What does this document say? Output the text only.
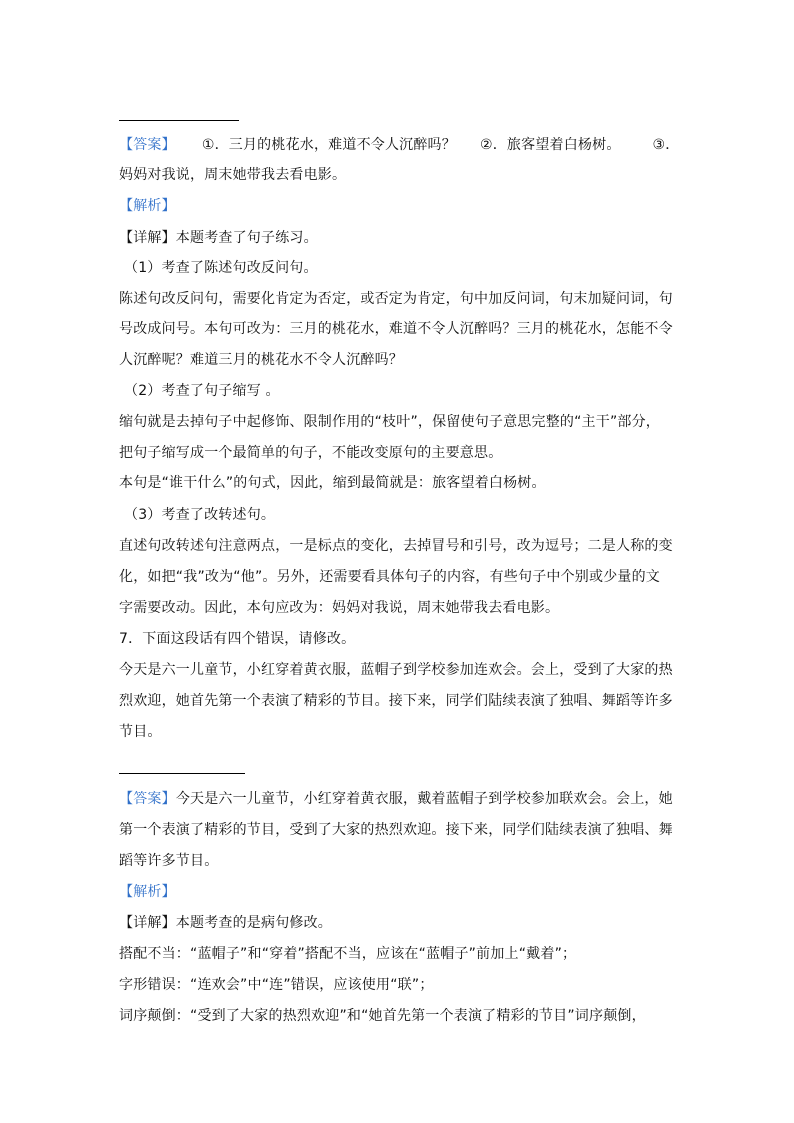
【答案】 ①．三月的桃花水，难道不令人沉醉吗？ ②．旅客望着白杨树。 ③．
妈妈对我说，周末她带我去看电影。
【解析】
【详解】本题考查了句子练习。
（1）考查了陈述句改反问句。
陈述句改反问句，需要化肯定为否定，或否定为肯定，句中加反问词，句末加疑问词，句
号改成问号。本句可改为：三月的桃花水，难道不令人沉醉吗？三月的桃花水，怎能不令
人沉醉呢？难道三月的桃花水不令人沉醉吗？
（2）考查了句子缩写 。
缩句就是去掉句子中起修饰、限制作用的“枝叶”，保留使句子意思完整的“主干”部分，
把句子缩写成一个最简单的句子，不能改变原句的主要意思。
本句是“谁干什么”的句式，因此，缩到最简就是：旅客望着白杨树。
（3）考查了改转述句。
直述句改转述句注意两点，一是标点的变化，去掉冒号和引号，改为逗号；二是人称的变
化，如把“我”改为“他”。另外，还需要看具体句子的内容，有些句子中个别或少量的文
字需要改动。因此，本句应改为：妈妈对我说，周末她带我去看电影。
7．下面这段话有四个错误，请修改。
今天是六一儿童节，小红穿着黄衣服，蓝帽子到学校参加连欢会。会上，受到了大家的热
烈欢迎，她首先第一个表演了精彩的节目。接下来，同学们陆续表演了独唱、舞蹈等许多
节目。
【答案】今天是六一儿童节，小红穿着黄衣服，戴着蓝帽子到学校参加联欢会。会上，她
第一个表演了精彩的节目，受到了大家的热烈欢迎。接下来，同学们陆续表演了独唱、舞
蹈等许多节目。
【解析】
【详解】本题考查的是病句修改。
搭配不当：“蓝帽子”和“穿着”搭配不当，应该在“蓝帽子”前加上“戴着”；
字形错误：“连欢会”中“连”错误，应该使用“联”；
词序颠倒：“受到了大家的热烈欢迎”和“她首先第一个表演了精彩的节目”词序颠倒，
